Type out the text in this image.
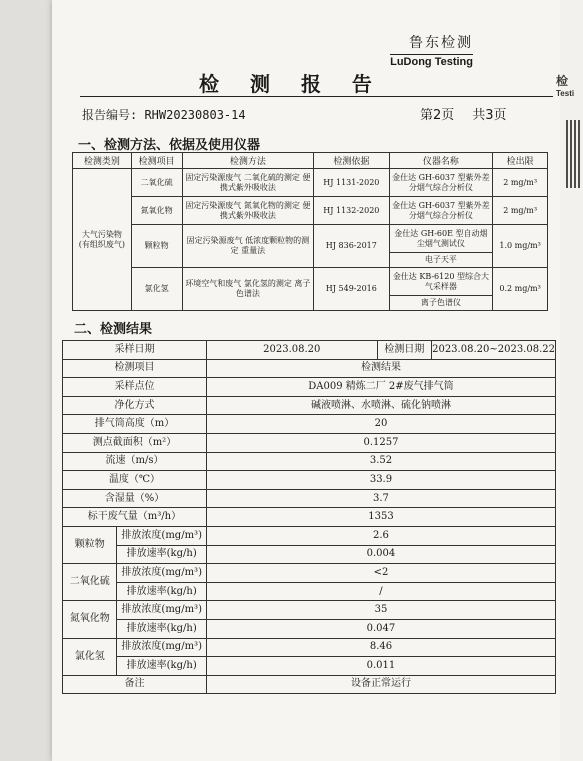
检
Testi
鲁东检测
LuDong Testing
检 测 报 告
报告编号: RHW20230803-14	第2页 共3页
一、检测方法、依据及使用仪器
检测类别	检测项目	检测方法	检测依据	仪器名称	检出限
大气污染物
(有组织废气)	二氧化硫	固定污染源废气 二氧化硫的测定 便携式紫外吸收法	HJ 1131-2020	金仕达 GH-6037 型紫外差分烟气综合分析仪	2 mg/m³
	氮氧化物	固定污染源废气 氮氧化物的测定 便携式紫外吸收法	HJ 1132-2020	金仕达 GH-6037 型紫外差分烟气综合分析仪	2 mg/m³
	颗粒物	固定污染源废气 低浓度颗粒物的测定 重量法	HJ 836-2017	金仕达 GH-60E 型自动烟尘烟气测试仪	1.0 mg/m³
				电子天平	
	氯化氢	环境空气和废气 氯化氢的测定 离子色谱法	HJ 549-2016	金仕达 KB-6120 型综合大气采样器	0.2 mg/m³
				离子色谱仪	
二、检测结果
采样日期		2023.08.20	检测日期	2023.08.20~2023.08.22
检测项目		检测结果		
采样点位		DA009 精炼二厂 2#废气排气筒		
净化方式		碱液喷淋、水喷淋、硫化钠喷淋		
排气筒高度（m）		20		
测点截面积（m²）		0.1257		
流速（m/s）		3.52		
温度（℃）		33.9		
含湿量（%）		3.7		
标干废气量（m³/h）		1353		
颗粒物	排放浓度(mg/m³)	2.6		
	排放速率(kg/h)	0.004		
二氧化硫	排放浓度(mg/m³)	<2		
	排放速率(kg/h)	/		
氮氧化物	排放浓度(mg/m³)	35		
	排放速率(kg/h)	0.047		
氯化氢	排放浓度(mg/m³)	8.46		
	排放速率(kg/h)	0.011		
备注		设备正常运行		
